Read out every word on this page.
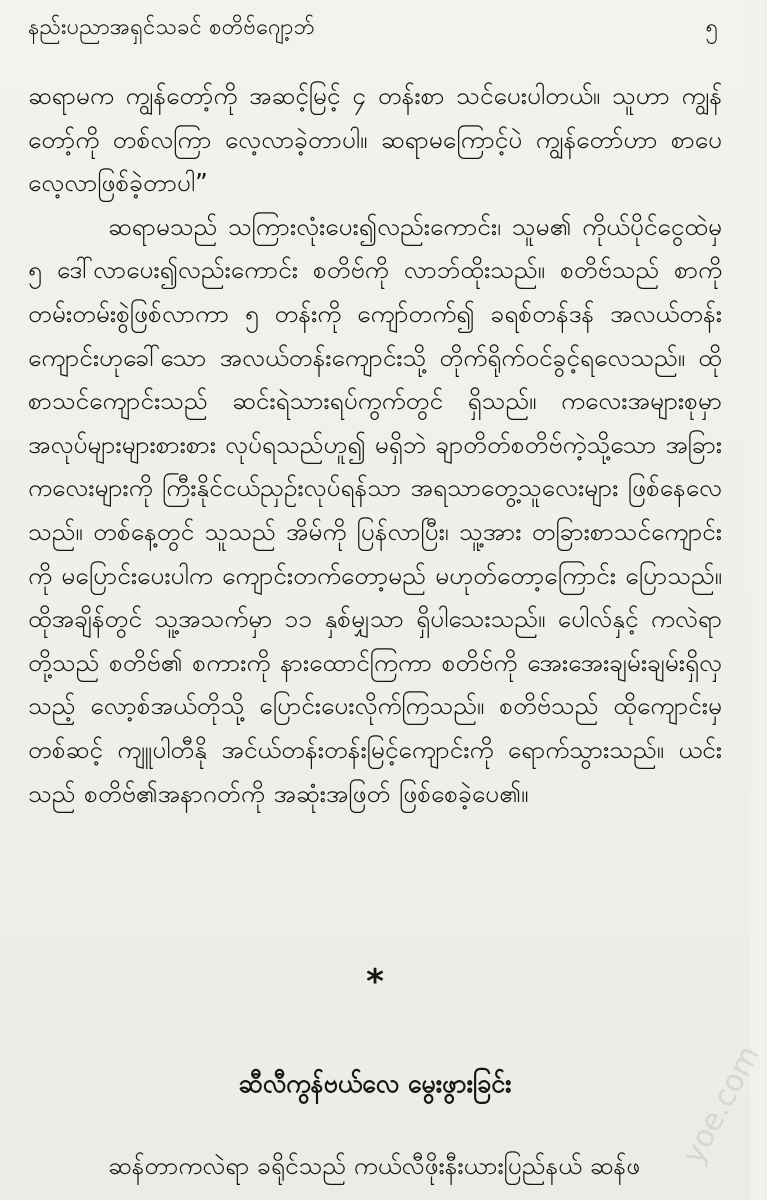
နည်းပညာအရှင်သခင် စတိဗ်ဂျော့ဘ်	၅

ဆရာမက ကျွန်တော့်ကို အဆင့်မြင့် ၄ တန်းစာ သင်ပေးပါတယ်။ သူဟာ ကျွန်တော့်ကို တစ်လကြာ လေ့လာခဲ့တာပါ။ ဆရာမကြောင့်ပဲ ကျွန်တော်ဟာ စာပေလေ့လာဖြစ်ခဲ့တာပါ”

ဆရာမသည် သကြားလုံးပေး၍လည်းကောင်း၊ သူမ၏ ကိုယ်ပိုင်ငွေထဲမှ ၅ ဒေါ်လာပေး၍လည်းကောင်း စတိဗ်ကို လာဘ်ထိုးသည်။ စတိဗ်သည် စာကို တမ်းတမ်းစွဲဖြစ်လာကာ ၅ တန်းကို ကျော်တက်၍ ခရစ်တန်ဒန် အလယ်တန်းကျောင်းဟုခေါ်သော အလယ်တန်းကျောင်းသို့ တိုက်ရိုက်ဝင်ခွင့်ရလေသည်။ ထိုစာသင်ကျောင်းသည် ဆင်းရဲသားရပ်ကွက်တွင် ရှိသည်။ ကလေးအများစုမှာ အလုပ်များများစားစား လုပ်ရသည်ဟူ၍ မရှိဘဲ ချာတိတ်စတိဗ်ကဲ့သို့သော အခြားကလေးများကို ကြီးနိုင်ငယ်ညှဉ်းလုပ်ရန်သာ အရသာတွေ့သူလေးများ ဖြစ်နေလေသည်။ တစ်နေ့တွင် သူသည် အိမ်ကို ပြန်လာပြီး၊ သူ့အား တခြားစာသင်ကျောင်းကို မပြောင်းပေးပါက ကျောင်းတက်တော့မည် မဟုတ်တော့ကြောင်း ပြောသည်။ ထိုအချိန်တွင် သူ့အသက်မှာ ၁၁ နှစ်မျှသာ ရှိပါသေးသည်။ ပေါလ်နှင့် ကလဲရာတို့သည် စတိဗ်၏ စကားကို နားထောင်ကြကာ စတိဗ်ကို အေးအေးချမ်းချမ်းရှိလှသည့် လော့စ်အယ်တိုသို့ ပြောင်းပေးလိုက်ကြသည်။ စတိဗ်သည် ထိုကျောင်းမှတစ်ဆင့် ကျူပါတီနို အင်ယ်တန်းတန်းမြင့်ကျောင်းကို ရောက်သွားသည်။ ယင်းသည် စတိဗ်၏အနာဂတ်ကို အဆုံးအဖြတ် ဖြစ်စေခဲ့ပေ၏။

*
ဆီလီကွန်ဗယ်လေ မွေးဖွားခြင်း

ဆန်တာကလဲရာ ခရိုင်သည် ကယ်လီဖိုးနီးယားပြည်နယ် ဆန်ဖ	yoe.com
